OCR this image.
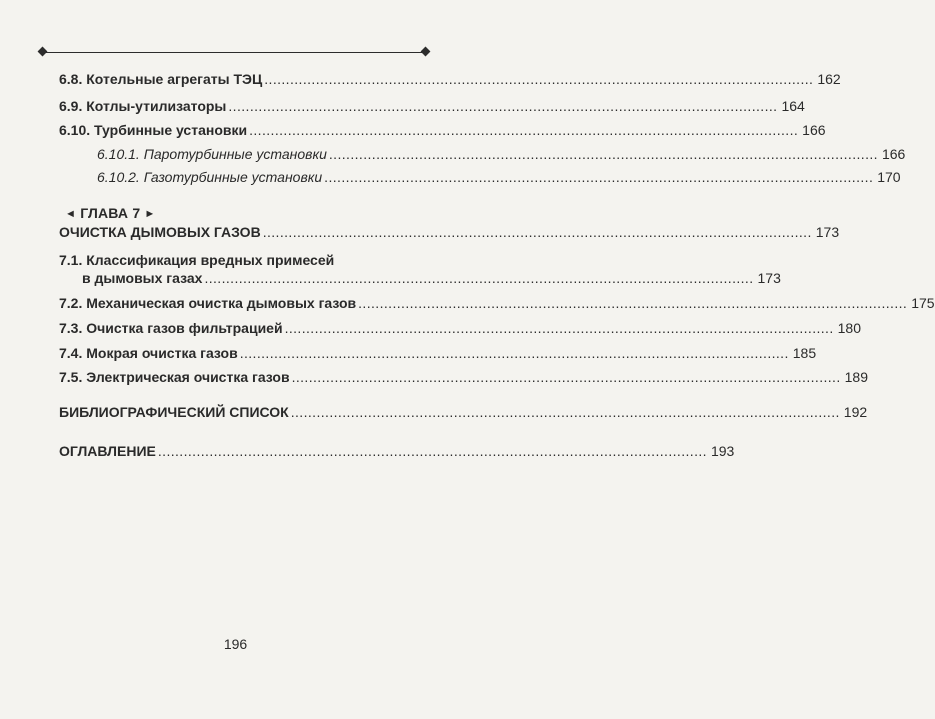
6.8. Котельные агрегаты ТЭЦ ................................................................................................................................ 162
6.9. Котлы-утилизаторы ................................................................................................................................ 164
6.10. Турбинные установки ................................................................................................................................ 166
6.10.1. Паротурбинные установки ................................................................................................................................ 166
6.10.2. Газотурбинные установки ................................................................................................................................ 170
◄ ГЛАВА 7 ►
ОЧИСТКА ДЫМОВЫХ ГАЗОВ ................................................................................................................................ 173
7.1. Классификация вредных примесей
в дымовых газах ................................................................................................................................ 173
7.2. Механическая очистка дымовых газов ................................................................................................................................ 175
7.3. Очистка газов фильтрацией ................................................................................................................................ 180
7.4. Мокрая очистка газов ................................................................................................................................ 185
7.5. Электрическая очистка газов ................................................................................................................................ 189
БИБЛИОГРАФИЧЕСКИЙ СПИСОК ................................................................................................................................ 192
ОГЛАВЛЕНИЕ ................................................................................................................................ 193
196
